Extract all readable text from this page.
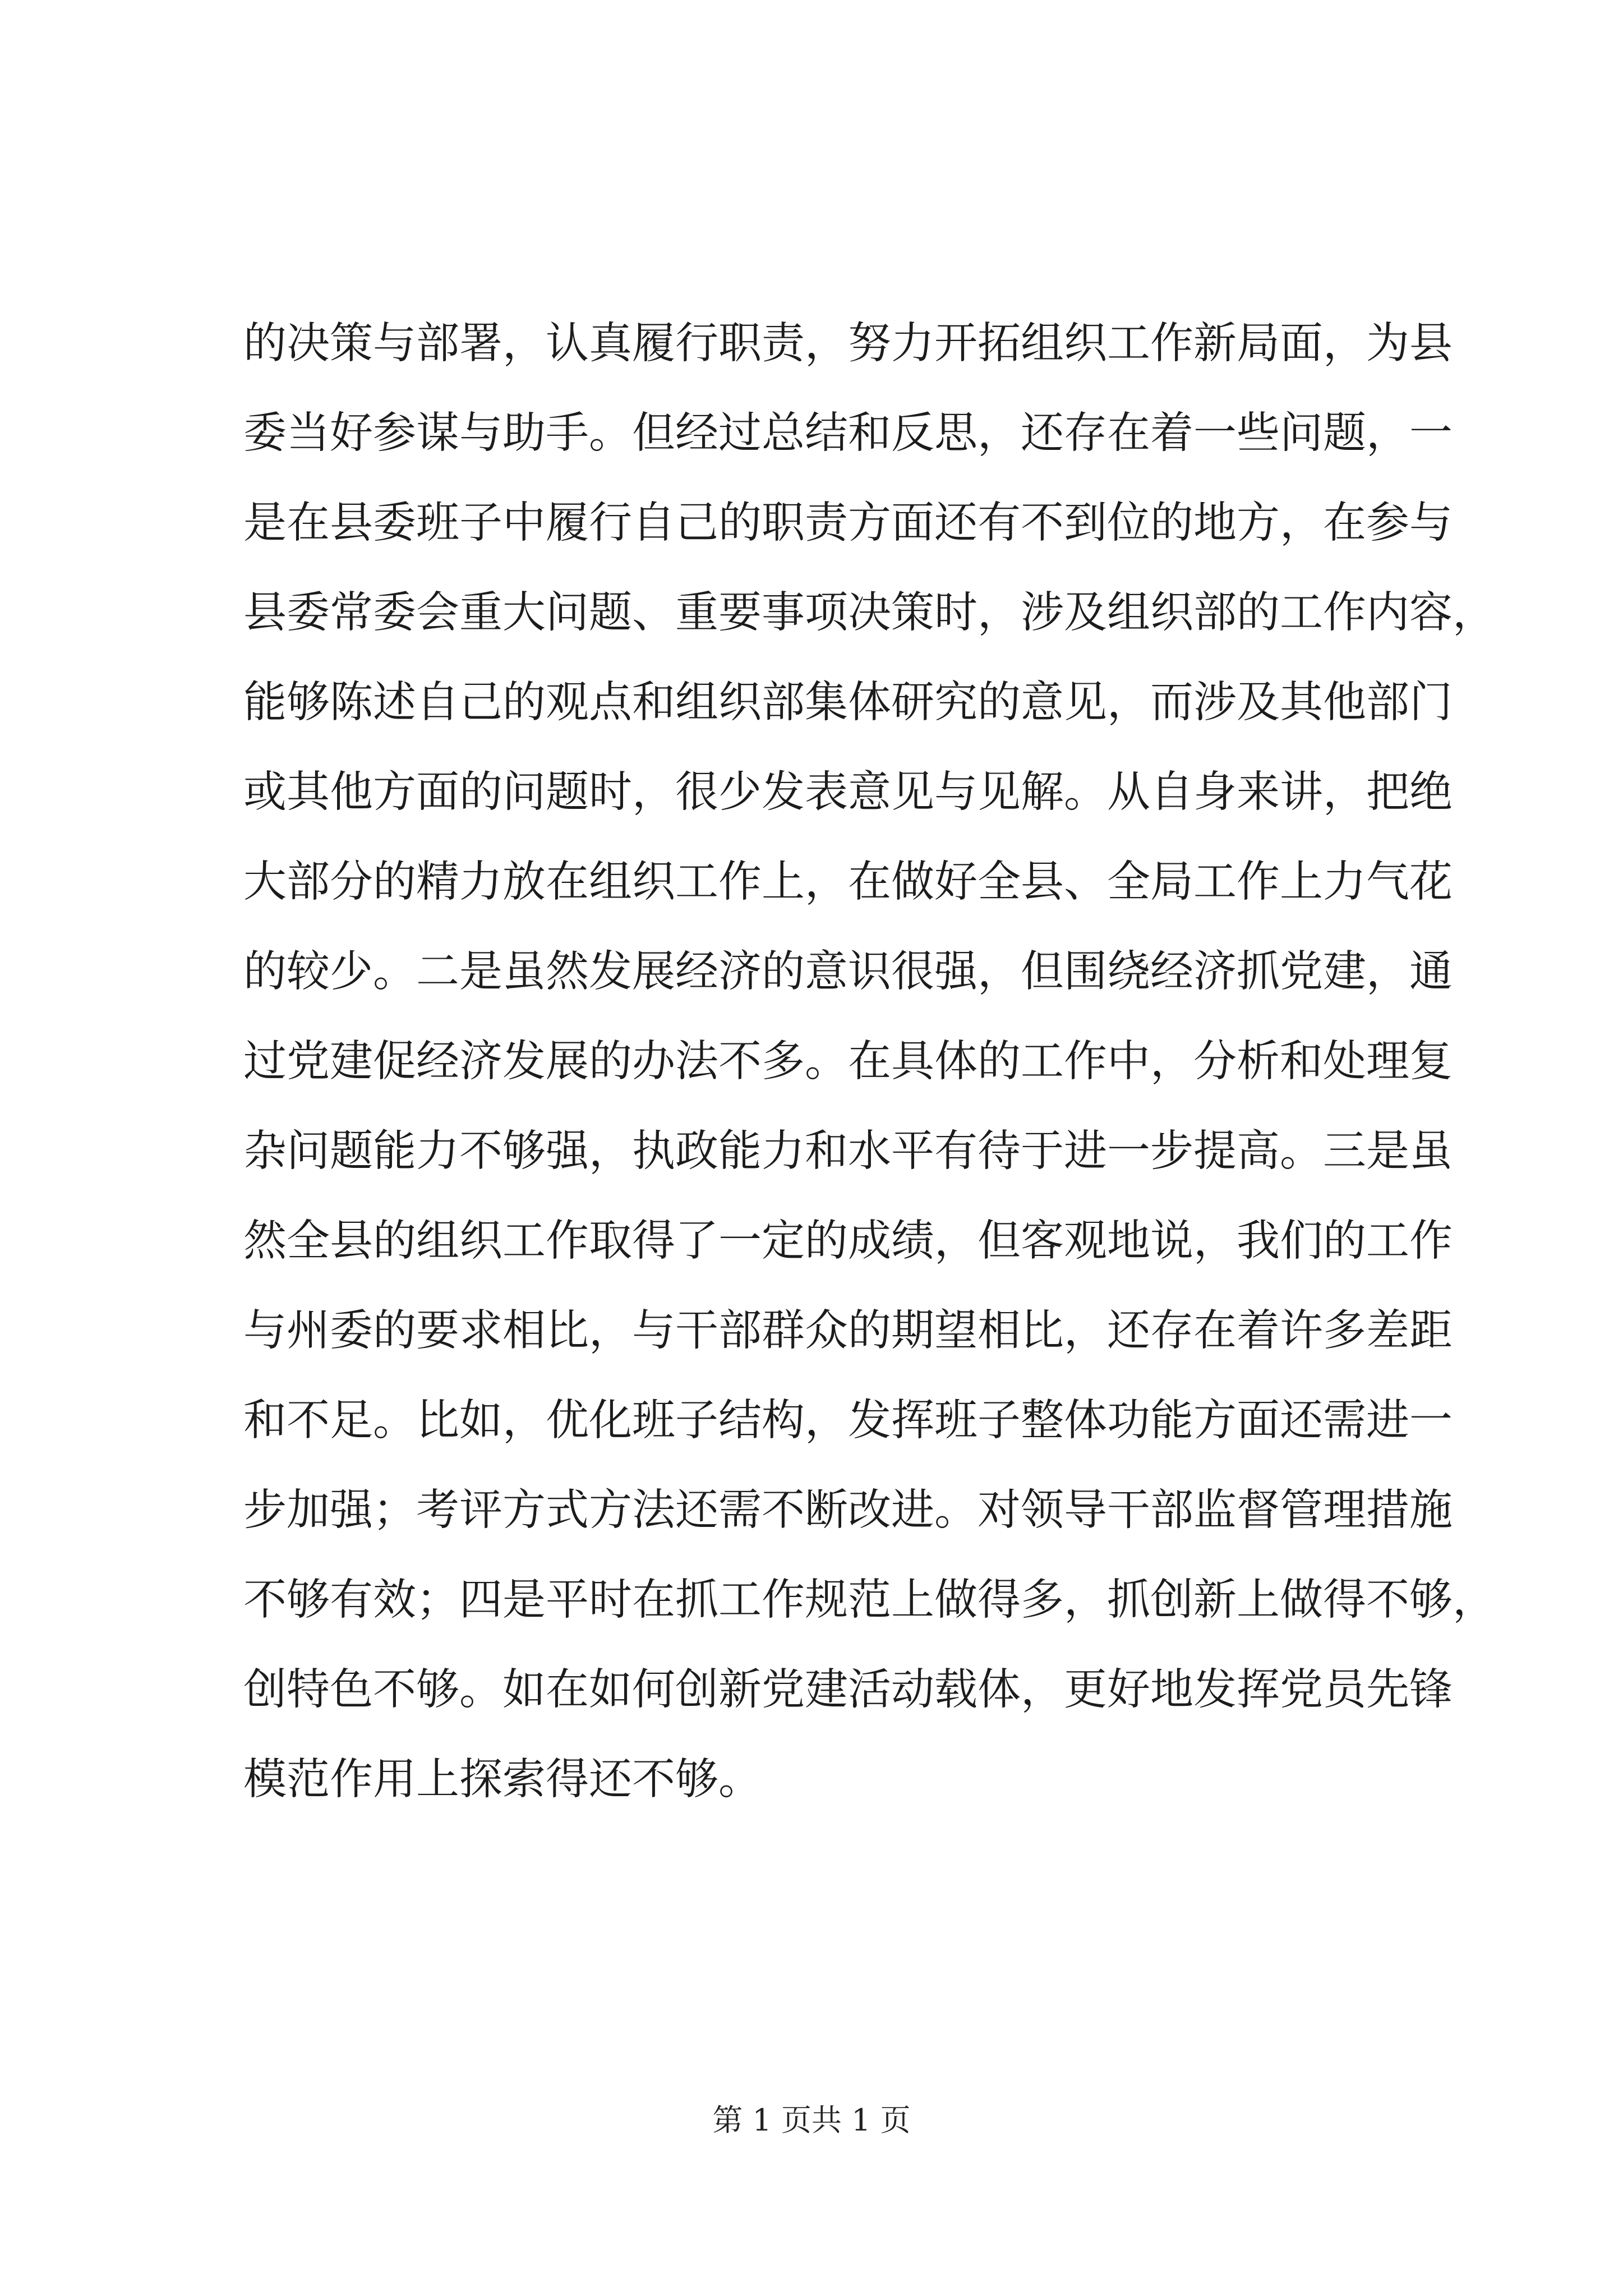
的决策与部署，认真履行职责，努力开拓组织工作新局面，为县
委当好参谋与助手。但经过总结和反思，还存在着一些问题，一
是在县委班子中履行自己的职责方面还有不到位的地方，在参与
县委常委会重大问题、重要事项决策时，涉及组织部的工作内容，
能够陈述自己的观点和组织部集体研究的意见，而涉及其他部门
或其他方面的问题时，很少发表意见与见解。从自身来讲，把绝
大部分的精力放在组织工作上，在做好全县、全局工作上力气花
的较少。二是虽然发展经济的意识很强，但围绕经济抓党建，通
过党建促经济发展的办法不多。在具体的工作中，分析和处理复
杂问题能力不够强，执政能力和水平有待于进一步提高。三是虽
然全县的组织工作取得了一定的成绩，但客观地说，我们的工作
与州委的要求相比，与干部群众的期望相比，还存在着许多差距
和不足。比如，优化班子结构，发挥班子整体功能方面还需进一
步加强；考评方式方法还需不断改进。对领导干部监督管理措施
不够有效；四是平时在抓工作规范上做得多，抓创新上做得不够，
创特色不够。如在如何创新党建活动载体，更好地发挥党员先锋
模范作用上探索得还不够。
第 1 页共 1 页
